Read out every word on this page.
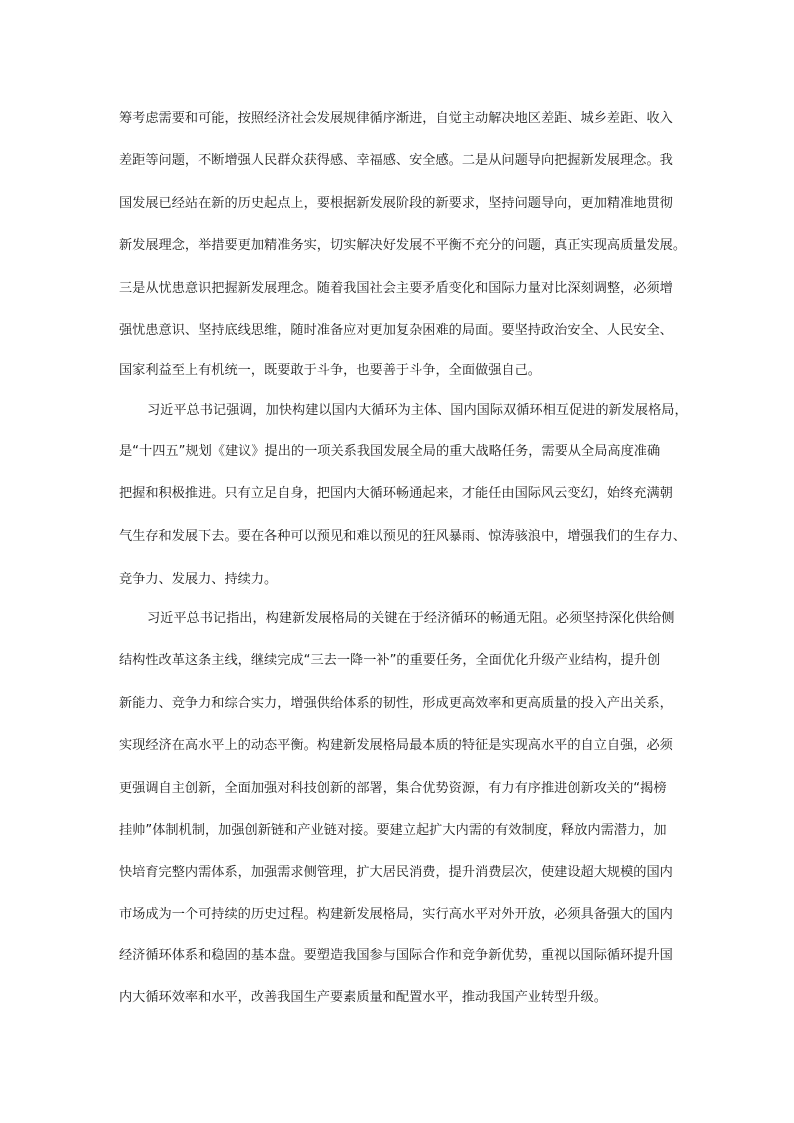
筹考虑需要和可能，按照经济社会发展规律循序渐进，自觉主动解决地区差距、城乡差距、收入
差距等问题，不断增强人民群众获得感、幸福感、安全感。二是从问题导向把握新发展理念。我
国发展已经站在新的历史起点上，要根据新发展阶段的新要求，坚持问题导向，更加精准地贯彻
新发展理念，举措要更加精准务实，切实解决好发展不平衡不充分的问题，真正实现高质量发展。
三是从忧患意识把握新发展理念。随着我国社会主要矛盾变化和国际力量对比深刻调整，必须增
强忧患意识、坚持底线思维，随时准备应对更加复杂困难的局面。要坚持政治安全、人民安全、
国家利益至上有机统一，既要敢于斗争，也要善于斗争，全面做强自己。
习近平总书记强调，加快构建以国内大循环为主体、国内国际双循环相互促进的新发展格局，
是“十四五”规划《建议》提出的一项关系我国发展全局的重大战略任务，需要从全局高度准确
把握和积极推进。只有立足自身，把国内大循环畅通起来，才能任由国际风云变幻，始终充满朝
气生存和发展下去。要在各种可以预见和难以预见的狂风暴雨、惊涛骇浪中，增强我们的生存力、
竞争力、发展力、持续力。
习近平总书记指出，构建新发展格局的关键在于经济循环的畅通无阻。必须坚持深化供给侧
结构性改革这条主线，继续完成“三去一降一补”的重要任务，全面优化升级产业结构，提升创
新能力、竞争力和综合实力，增强供给体系的韧性，形成更高效率和更高质量的投入产出关系，
实现经济在高水平上的动态平衡。构建新发展格局最本质的特征是实现高水平的自立自强，必须
更强调自主创新，全面加强对科技创新的部署，集合优势资源，有力有序推进创新攻关的“揭榜
挂帅”体制机制，加强创新链和产业链对接。要建立起扩大内需的有效制度，释放内需潜力，加
快培育完整内需体系，加强需求侧管理，扩大居民消费，提升消费层次，使建设超大规模的国内
市场成为一个可持续的历史过程。构建新发展格局，实行高水平对外开放，必须具备强大的国内
经济循环体系和稳固的基本盘。要塑造我国参与国际合作和竞争新优势，重视以国际循环提升国
内大循环效率和水平，改善我国生产要素质量和配置水平，推动我国产业转型升级。
